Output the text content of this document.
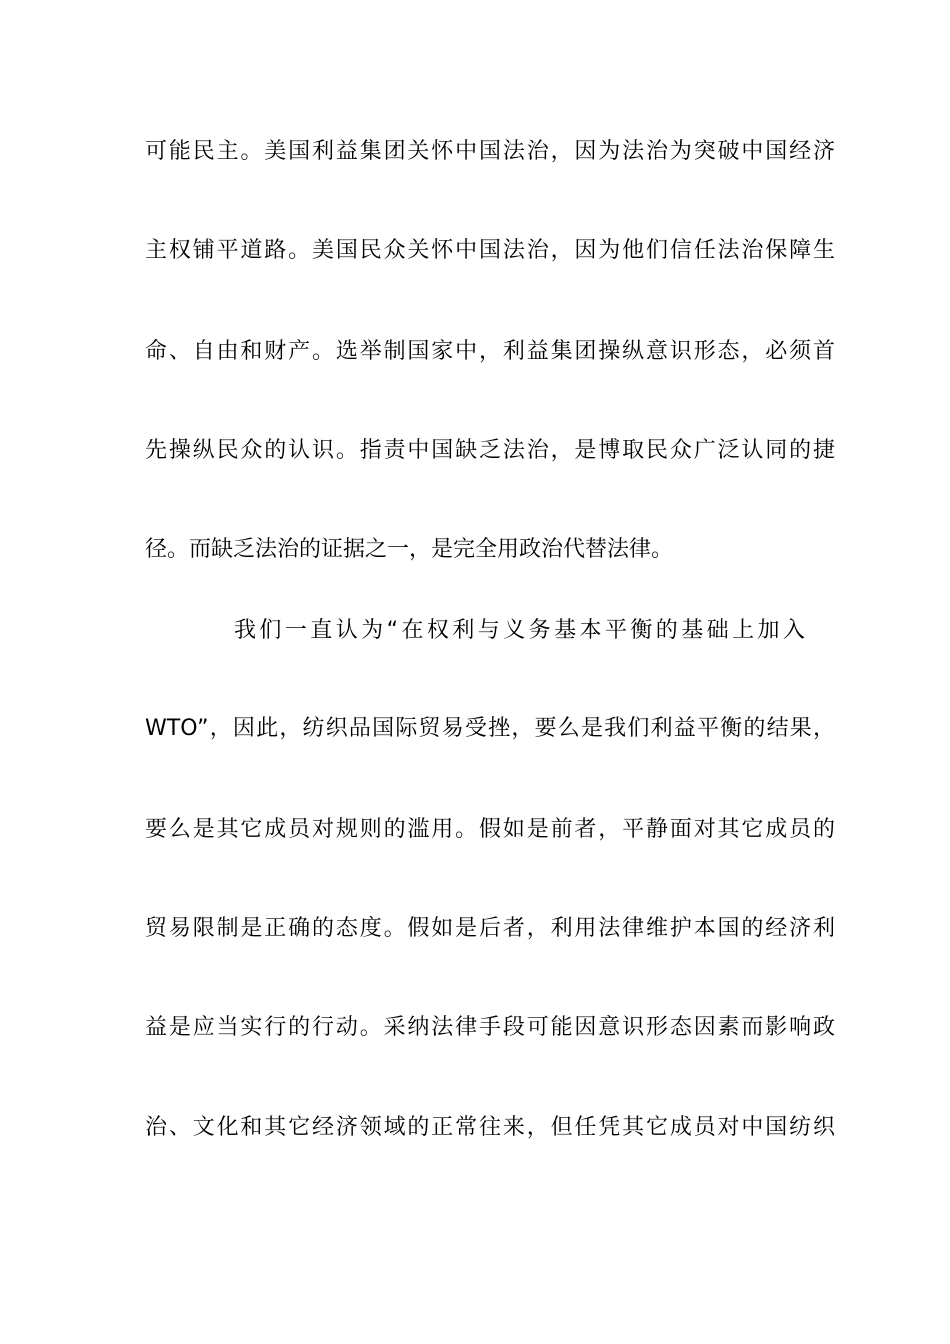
可能民主。美国利益集团关怀中国法治，因为法治为突破中国经济
主权铺平道路。美国民众关怀中国法治，因为他们信任法治保障生
命、自由和财产。选举制国家中，利益集团操纵意识形态，必须首
先操纵民众的认识。指责中国缺乏法治，是博取民众广泛认同的捷
径。而缺乏法治的证据之一，是完全用政治代替法律。
我们一直认为“在权利与义务基本平衡的基础上加入
WTO”，因此，纺织品国际贸易受挫，要么是我们利益平衡的结果，
要么是其它成员对规则的滥用。假如是前者，平静面对其它成员的
贸易限制是正确的态度。假如是后者，利用法律维护本国的经济利
益是应当实行的行动。采纳法律手段可能因意识形态因素而影响政
治、文化和其它经济领域的正常往来，但任凭其它成员对中国纺织
